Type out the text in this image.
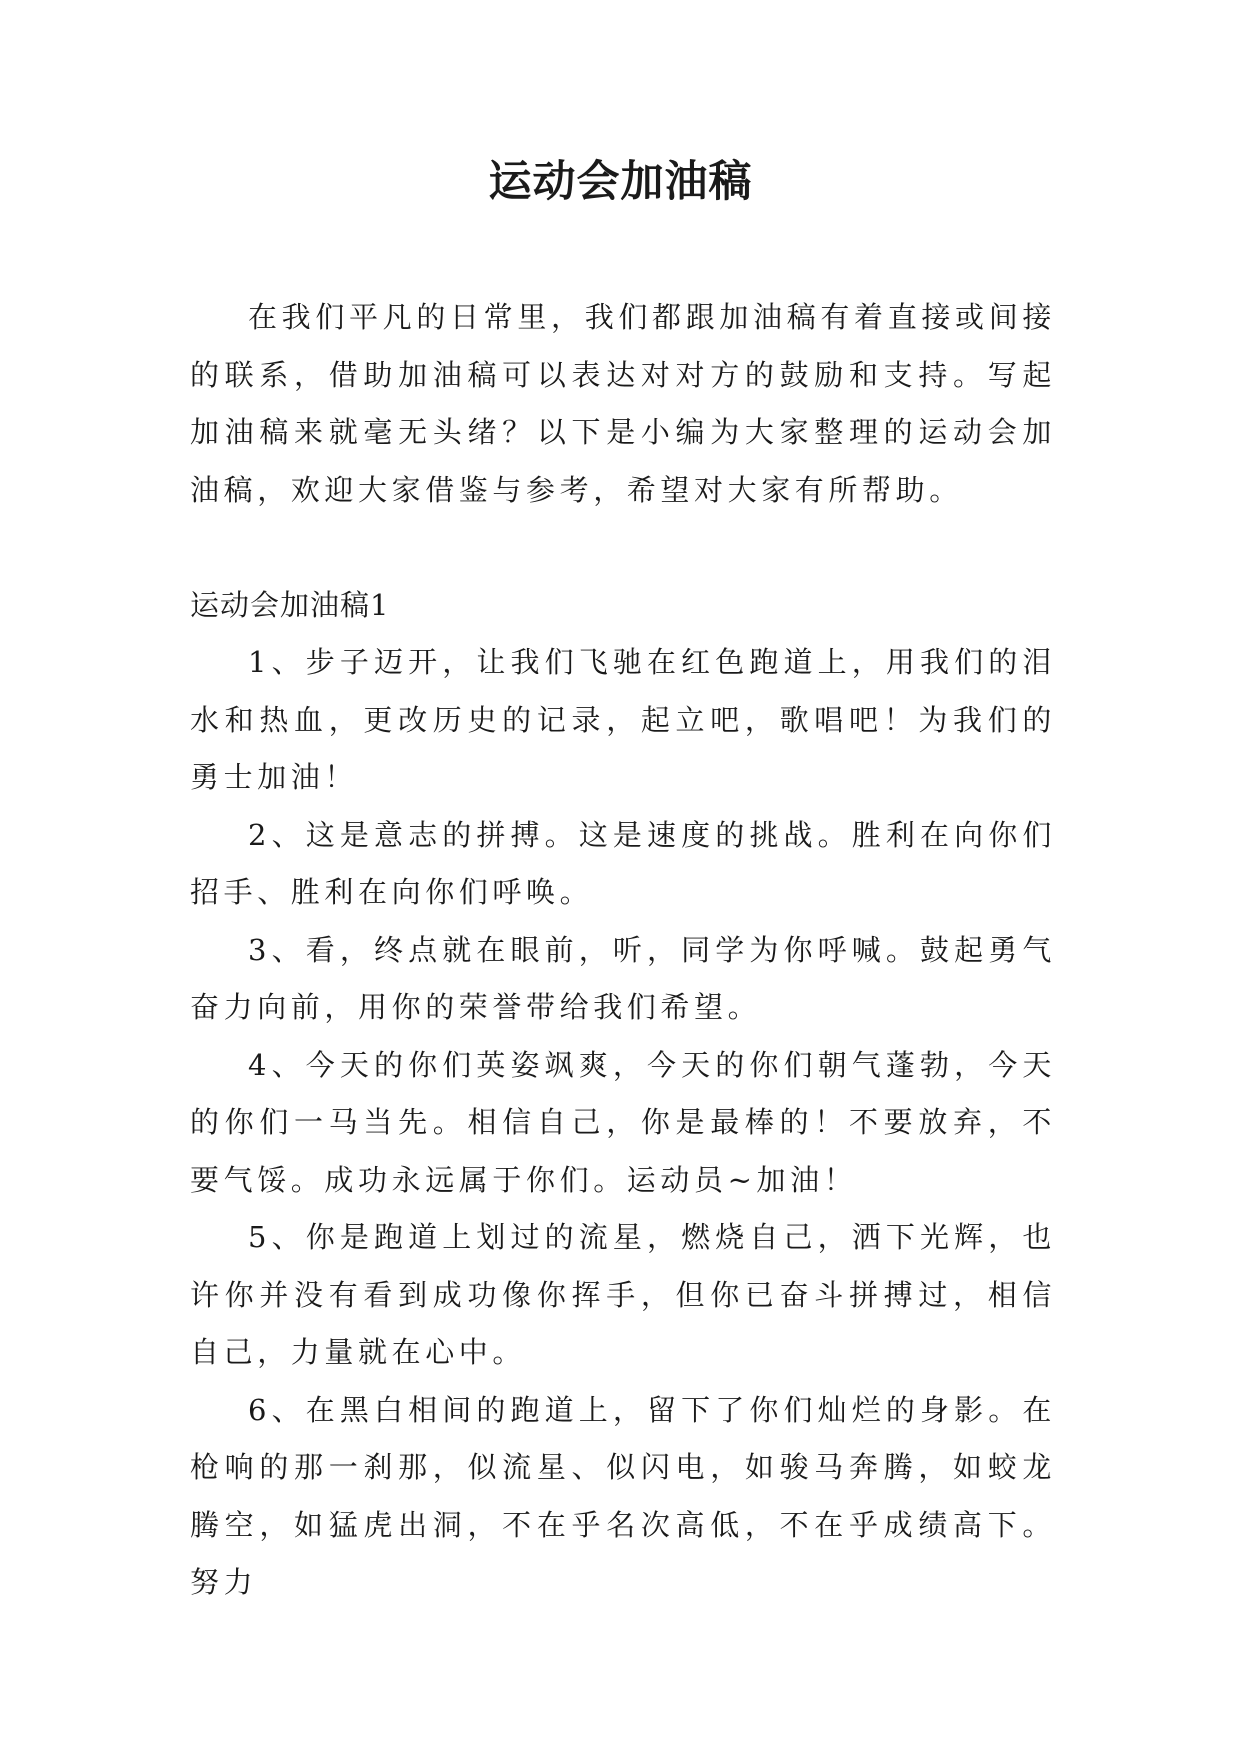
运动会加油稿

在我们平凡的日常里，我们都跟加油稿有着直接或间接的联系，借助加油稿可以表达对对方的鼓励和支持。写起加油稿来就毫无头绪？以下是小编为大家整理的运动会加油稿，欢迎大家借鉴与参考，希望对大家有所帮助。

运动会加油稿1

1、步子迈开，让我们飞驰在红色跑道上，用我们的泪水和热血，更改历史的记录，起立吧，歌唱吧！为我们的勇士加油！

2、这是意志的拼搏。这是速度的挑战。胜利在向你们招手、胜利在向你们呼唤。

3、看，终点就在眼前，听，同学为你呼喊。鼓起勇气奋力向前，用你的荣誉带给我们希望。

4、今天的你们英姿飒爽，今天的你们朝气蓬勃，今天的你们一马当先。相信自己，你是最棒的！不要放弃，不要气馁。成功永远属于你们。运动员~加油！

5、你是跑道上划过的流星，燃烧自己，洒下光辉，也许你并没有看到成功像你挥手，但你已奋斗拼搏过，相信自己，力量就在心中。

6、在黑白相间的跑道上，留下了你们灿烂的身影。在枪响的那一刹那，似流星、似闪电，如骏马奔腾，如蛟龙腾空，如猛虎出洞，不在乎名次高低，不在乎成绩高下。努力
